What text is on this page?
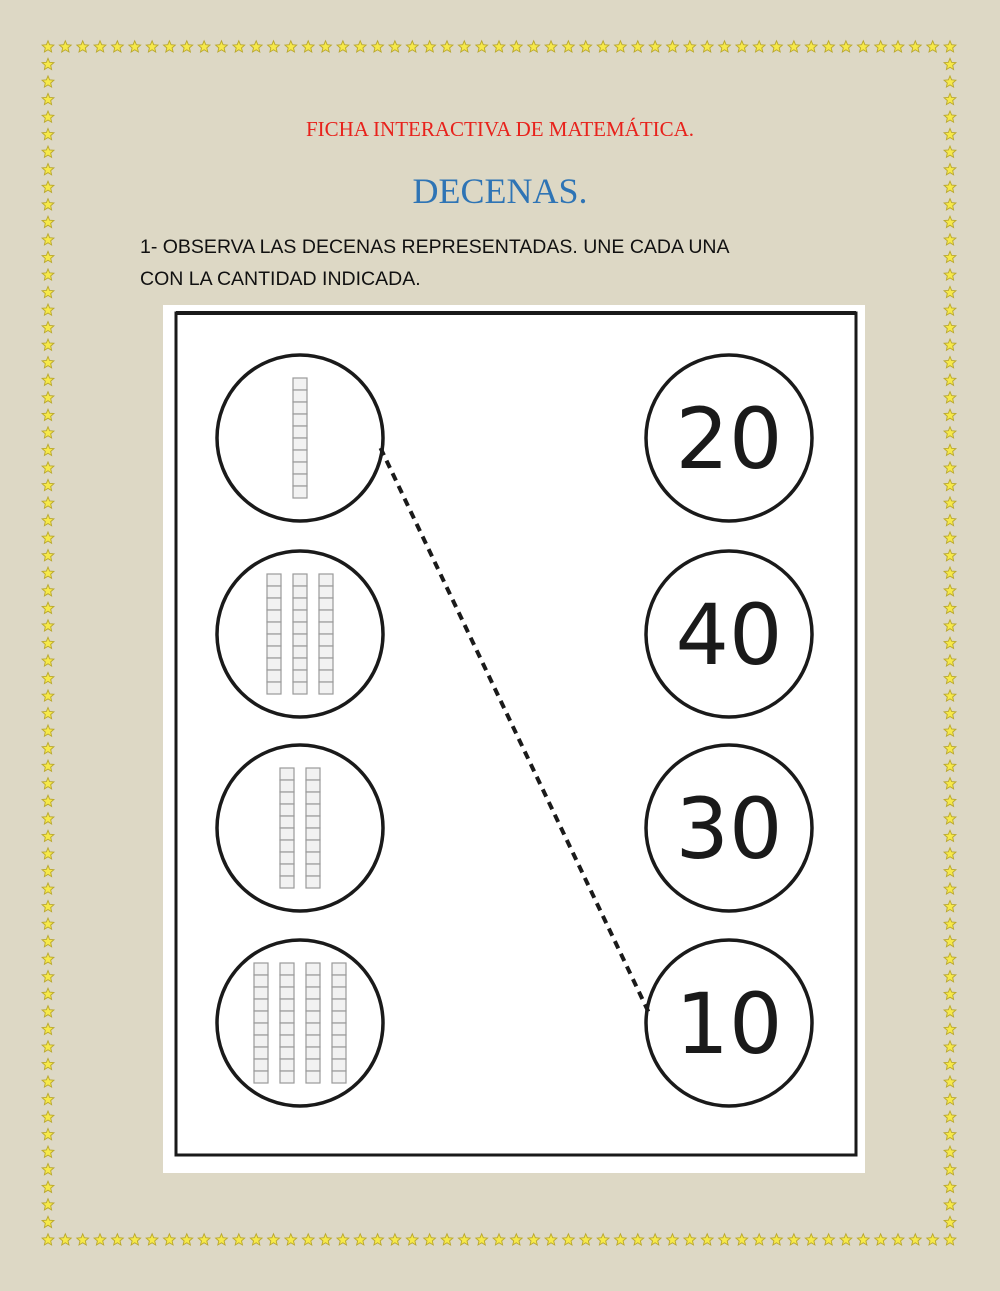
FICHA INTERACTIVA DE MATEMÁTICA.
DECENAS.
1- OBSERVA LAS DECENAS REPRESENTADAS. UNE CADA UNA
CON LA CANTIDAD INDICADA.
20
40
30
10
